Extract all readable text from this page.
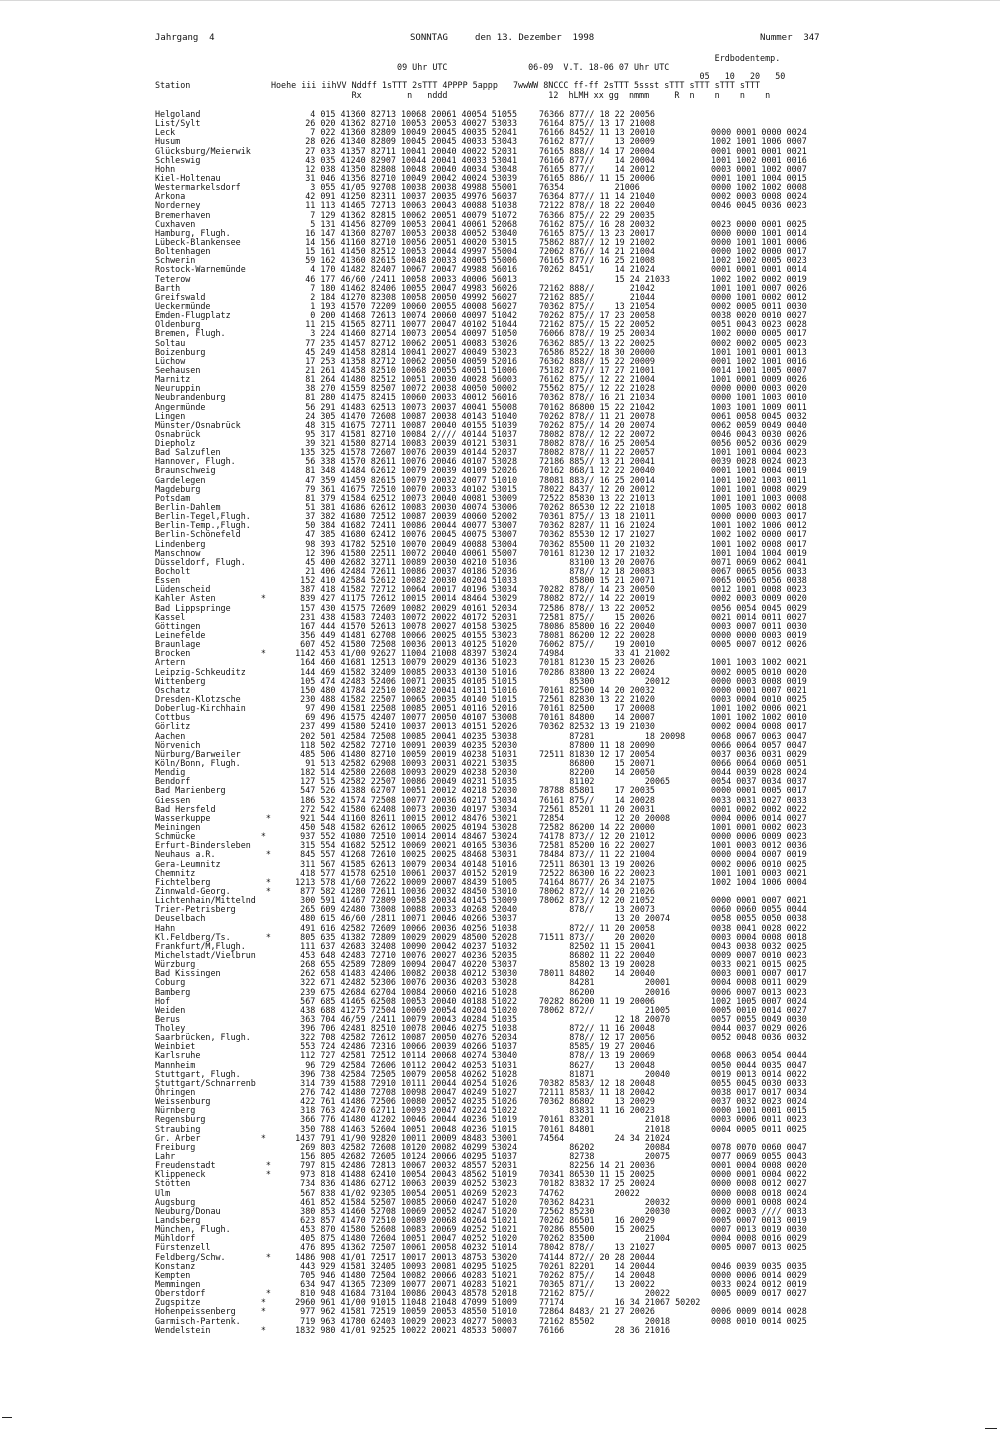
Jahrgang  4	SONNTAG     den 13. Dezember  1998	Nummer  347
Erdbodentemp.
09 Uhr UTC                06-09  V.T. 18-06 07 Uhr UTC
05   10   20   50
Station                Hoehe iii iihVV Nddff 1sTTT 2sTTT 4PPPP 5appp   7wwWW 8NCCC ff-ff 2sTTT 5ssst sTTT sTTT sTTT sTTT
Rx         n   nddd                    12  hLMH xx gg  nmmm     R  n    n    n    n
Helgoland	4 015 41360 82713 10068 20061 40054 51055	76366 877// 18 22 20056
List/Sylt	26 020 41362 82710 10053 20053 40027 53033	76164 875// 13 17 21008
Leck	7 022 41360 82809 10049 20045 40035 52041	76166 8452/ 11 13 20010	0000 0001 0000 0024
Husum	28 026 41340 82809 10045 20045 40033 53043	76162 877//    13 20009	1002 1001 1006 0007
Glücksburg/Meierwik	27 033 41357 82711 10041 20040 40022 52031	76165 888// 14 17 20004	0001 0001 0001 0021
Schleswig	43 035 41240 82907 10044 20041 40033 53041	76166 877//    14 20004	1001 1002 0001 0016
Hohn	12 038 41350 82808 10048 20040 40034 53048	76165 877//    14 20012	0003 0001 1002 0007
Kiel-Holtenau	31 046 41356 82710 10049 20042 40024 53039	76165 886// 11 15 20006	0001 1001 1004 0015
Westermarkelsdorf	3 055 41/05 92708 10038 20038 49988 55001	76354          21006	0000 1002 1002 0008
Arkona	42 091 41250 82311 10037 20035 49976 56037	76364 877// 11 14 21040	0002 0003 0008 0024
Norderney	11 113 41465 72713 10063 20043 40088 51038	72122 878// 18 22 20040	0046 0045 0036 0023
Bremerhaven	7 129 41362 82815 10062 20051 40079 51072	76366 875// 22 29 20035
Cuxhaven	5 131 41456 82709 10053 20041 40061 52068	76162 875// 16 28 20032	0023 0000 0001 0025
Hamburg, Flugh.	16 147 41360 82707 10053 20038 40052 53040	76165 875// 13 23 20017	0000 0000 1001 0014
Lübeck-Blankensee	14 156 41160 82710 10056 20051 40020 53015	75862 887// 12 19 21002	0000 1001 1001 0006
Boltenhagen	15 161 41450 82512 10053 20044 49997 55004	72062 876// 14 21 21004	0000 1002 0000 0017
Schwerin	59 162 41360 82615 10048 20033 40005 55006	76165 877// 16 25 21008	1002 1002 0005 0023
Rostock-Warnemünde	4 170 41482 82407 10067 20047 49988 56016	70262 8451/    14 21024	0001 0001 0001 0014
Teterow	46 177 46/60 /2411 10058 20033 40006 56013	15 24 21033	1002 1002 0002 0019
Barth	7 180 41462 82406 10055 20047 49983 56026	72162 888//       21042	1001 1001 0007 0026
Greifswald	2 184 41270 82308 10058 20050 49992 56027	72162 885//       21044	0000 1001 0002 0012
Ueckermünde	1 193 41570 72209 10060 20055 40008 56027	70362 875//    13 21054	0002 0005 0011 0030
Emden-Flugplatz	0 200 41468 72613 10074 20060 40097 51042	70262 875// 17 23 20058	0038 0020 0010 0027
Oldenburg	11 215 41565 82711 10077 20047 40102 51044	72162 875// 15 22 20052	0051 0043 0023 0028
Bremen, Flugh.	3 224 41460 82714 10073 20054 40097 51050	76066 878// 19 25 20034	1002 0000 0005 0017
Soltau	77 235 41457 82712 10062 20051 40083 53026	76362 885// 13 22 20025	0002 0002 0005 0023
Boizenburg	45 249 41458 82814 10041 20027 40049 53023	76586 8522/ 18 30 20000	1001 1001 0001 0013
Lüchow	17 253 41358 82712 10062 20050 40059 52016	76362 888// 15 22 20009	0001 1002 1001 0016
Seehausen	21 261 41458 82510 10068 20055 40051 51006	75182 877// 17 27 21001	0014 1001 1005 0007
Marnitz	81 264 41480 82512 10051 20030 40028 56003	76162 875// 12 22 21004	1001 0001 0009 0026
Neuruppin	38 270 41559 82507 10072 20038 40050 50002	75562 875// 12 22 21028	0000 0000 0003 0020
Neubrandenburg	81 280 41475 82415 10060 20033 40012 56016	70362 878// 16 21 21034	0000 1001 1003 0010
Angermünde	56 291 41483 62513 10073 20037 40041 55008	70162 86800 15 22 21042	1003 1001 1009 0011
Lingen	24 305 41470 72608 10087 20038 40143 51040	70262 878// 11 21 20078	0061 0058 0045 0032
Münster/Osnabrück	48 315 41675 72711 10087 20040 40155 51039	70262 875// 14 20 20074	0062 0059 0049 0040
Osnabrück	95 317 41581 82710 10084 2//// 40144 51037	78082 878// 12 22 20072	0046 0043 0030 0026
Diepholz	39 321 41580 82714 10083 20039 40121 53031	78082 878// 16 25 20054	0056 0052 0036 0029
Bad Salzuflen	135 325 41578 72607 10076 20039 40144 52037	78082 878// 11 22 20057	1001 1001 0004 0023
Hannover, Flugh.	56 338 41570 82611 10076 20046 40107 53028	72186 885// 13 21 20041	0039 0028 0024 0023
Braunschweig	81 348 41484 62612 10079 20039 40109 52026	70162 868/1 12 22 20040	0001 1001 0004 0019
Gardelegen	47 359 41459 82615 10079 20032 40077 51010	78081 883// 16 25 20014	1001 1002 1003 0011
Magdeburg	79 361 41675 72510 10070 20033 40102 53015	78022 8437/ 12 20 20012	1001 1001 0008 0029
Potsdam	81 379 41584 62512 10073 20040 40081 53009	72522 85830 13 22 21013	1001 1001 1003 0008
Berlin-Dahlem	51 381 41686 62612 10083 20030 40074 53006	70262 86530 12 22 21018	1005 1003 0002 0018
Berlin-Tegel,Flugh.	37 382 41680 72512 10087 20039 40060 52002	70361 875// 13 18 21011	0000 0000 0003 0017
Berlin-Temp.,Flugh.	50 384 41682 72411 10086 20044 40077 53007	70362 8287/ 11 16 21024	1001 1002 1006 0012
Berlin-Schönefeld	47 385 41680 62412 10076 20045 40075 53007	70362 85530 12 17 21027	1002 1002 0000 0017
Lindenberg	98 393 41782 52510 10070 20049 40088 53004	70362 85500 11 20 21032	1001 1002 0008 0017
Manschnow	12 396 41580 22511 10072 20040 40061 55007	70161 81230 12 17 21032	1001 1004 1004 0019
Düsseldorf, Flugh.	45 400 42682 32711 10089 20030 40210 51036	83100 13 20 20076	0071 0069 0062 0041
Bocholt	21 406 42484 72611 10086 20037 40186 52036	878// 12 18 20083	0067 0065 0056 0033
Essen	152 410 42584 52612 10082 20030 40204 51033	85800 15 21 20071	0065 0065 0056 0038
Lüdenscheid	387 418 41582 72712 10064 20017 40196 53034	70282 878// 14 23 20050	0012 1001 0008 0023
Kahler Asten         *	839 427 41175 72612 10015 20014 48464 53029	78082 872// 14 22 20019	0002 0003 0009 0020
Bad Lippspringe	157 430 41575 72609 10082 20029 40161 52034	72586 878// 13 22 20052	0056 0054 0045 0029
Kassel	231 438 41583 72403 10072 20022 40172 52031	72581 875//    15 20026	0021 0014 0011 0027
Göttingen	167 444 41570 52613 10078 20027 40158 53025	78086 85800 16 22 20040	0003 0007 0011 0030
Leinefelde	356 449 41481 62708 10066 20025 40155 53023	78081 86200 12 22 20028	0000 0000 0003 0019
Braunlage	607 452 41580 72508 10036 20013 40125 51020	76062 875//    19 20010	0005 0007 0012 0026
Brocken              *	1142 453 41/00 92627 11004 21008 48397 53024	74984          33 41 21002
Artern	164 460 41681 12513 10079 20029 40136 51023	70181 81230 15 23 20026	1001 1003 1002 0021
Leipzig-Schkeuditz	144 469 41582 32409 10085 20033 40130 51016	70286 83800 13 22 20024	0002 0005 0010 0020
Wittenberg	105 474 42483 52406 10071 20035 40105 51015	85300          20012	0000 0003 0008 0019
Oschatz	150 480 41784 22510 10082 20041 40131 51016	70161 82500 14 20 20032	0000 0001 0007 0021
Dresden-Klotzsche	230 488 41582 22507 10065 20035 40140 51015	72561 82830 13 22 21020	0003 0004 0010 0025
Doberlug-Kirchhain	97 490 41581 22508 10085 20051 40116 52016	70161 82500    17 20008	1001 1002 0006 0021
Cottbus	69 496 41575 42407 10077 20050 40107 53008	70161 84800    14 20007	1001 1002 1002 0010
Görlitz	237 499 41580 52410 10037 20013 40151 52026	70362 82532 13 19 21030	0002 0004 0008 0017
Aachen	202 501 42584 72508 10085 20041 40235 53038	87281          18 20098	0068 0067 0063 0047
Nörvenich	118 502 42582 72710 10091 20039 40235 52030	87800 11 18 20090	0066 0064 0057 0047
Nürburg/Barweiler	485 506 41480 82710 10059 20019 40238 51031	72511 81830 12 17 20054	0037 0036 0031 0029
Köln/Bonn, Flugh.	91 513 42582 62908 10093 20031 40221 53035	86800    15 20071	0066 0064 0060 0051
Mendig	182 514 42580 22608 10093 20029 40238 52030	82200    14 20050	0044 0039 0028 0024
Bendorf	127 515 42582 22507 10086 20049 40231 51035	81102          20065	0054 0037 0034 0037
Bad Marienberg	547 526 41388 62707 10051 20012 40218 52030	78788 85801    17 20035	0000 0001 0005 0017
Giessen	186 532 41574 72508 10077 20036 40217 53034	76161 875//    14 20028	0033 0031 0027 0033
Bad Hersfeld	272 542 41580 62408 10073 20030 40197 53034	72561 85201 11 20 20031	0001 0002 0002 0022
Wasserkuppe           *	921 544 41160 82611 10015 20012 48476 53021	72854          12 20 20008	0004 0006 0014 0027
Meiningen	450 548 41582 62612 10065 20025 40194 53028	72582 86200 14 22 20000	1001 0001 0002 0023
Schmücke             *	937 552 41080 72510 10014 20014 48467 53024	74178 873// 12 20 21012	0000 0006 0009 0023
Erfurt-Bindersleben	315 554 41682 52512 10069 20021 40165 53036	72581 85200 16 22 20027	1001 0003 0012 0036
Neuhaus a.R.          *	845 557 41268 72610 10025 20025 48468 53031	78484 873// 11 22 21004	0000 0004 0007 0019
Gera-Leumnitz	311 567 41585 62613 10079 20034 40148 51016	72511 86301 13 19 20026	0002 0006 0010 0025
Chemnitz	418 577 41578 62510 10061 20037 40152 52019	72522 86300 16 22 20023	1001 1001 0003 0021
Fichtelberg           *	1213 578 41/60 72622 10009 20007 48439 51005	74164 8677/ 26 34 21075	1002 1004 1006 0004
Zinnwald-Georg.       *	877 582 41280 72611 10036 20032 48450 53010	78062 872// 14 20 21026
Lichtenhain/Mittelnd	300 591 41467 72809 10058 20034 40145 53009	78062 873// 12 20 21052	0000 0001 0007 0021
Trier-Petrisberg	265 609 42480 73008 10088 20033 40268 52040	878//    13 20073	0060 0060 0055 0044
Deuselbach	480 615 46/60 /2811 10071 20046 40266 53037	13 20 20074	0058 0055 0050 0038
Hahn	491 616 42582 72609 10066 20036 40256 51038	872// 11 20 20058	0038 0041 0028 0022
Kl.Feldberg/Ts.       *	805 635 41382 72809 10029 20029 48500 52028	71511 873//    20 20020	0003 0004 0008 0018
Frankfurt/M,Flugh.	111 637 42683 32408 10090 20042 40237 51032	82502 11 15 20041	0043 0038 0032 0025
Michelstadt/Vielbrun	453 648 42483 72710 10076 20027 40236 52035	86802 11 22 20040	0009 0007 0010 0023
Würzburg	268 655 42589 72809 10094 20047 40220 53037	85802 13 19 20028	0033 0021 0015 0025
Bad Kissingen	262 658 41483 42406 10082 20038 40212 53030	78011 84802    14 20040	0003 0001 0007 0017
Coburg	322 671 42482 52306 10076 20036 40203 53028	84281          20001	0004 0008 0011 0029
Bamberg	239 675 42684 62704 10084 20060 40216 51028	86200          20016	0006 0007 0013 0023
Hof	567 685 41465 62508 10053 20040 40188 51022	70282 86200 11 19 20006	1002 1005 0007 0024
Weiden	438 688 41275 72504 10069 20054 40204 51020	78062 872//          21005	0005 0010 0014 0027
Berus	363 704 46/59 /2411 10079 20043 40284 51035	12 18 20070	0057 0055 0049 0030
Tholey	396 706 42481 82510 10078 20046 40275 51038	872// 11 16 20048	0044 0037 0029 0026
Saarbrücken, Flugh.	322 708 42582 72612 10087 20050 40276 52034	878// 12 17 20056	0052 0048 0036 0032
Weinbiet	553 724 42486 72316 10066 20039 40266 51037	8585/ 19 27 20046
Karlsruhe	112 727 42581 72512 10114 20068 40274 53040	878// 13 19 20069	0068 0063 0054 0044
Mannheim	96 729 42584 72606 10112 20042 40253 51031	8627/    13 20048	0050 0044 0035 0047
Stuttgart, Flugh.	396 738 42584 72505 10079 20058 40262 51028	81871          20040	0019 0013 0014 0022
Stuttgart/Schnarrenb	314 739 41588 72910 10111 20044 40254 51026	70382 8583/ 12 18 20048	0055 0045 0030 0033
Öhringen	276 742 41480 72708 10098 20047 40249 51027	72111 8583/ 11 18 20042	0038 0017 0017 0034
Weissenburg	422 761 41486 72506 10080 20052 40235 51026	70362 86802    13 20029	0037 0032 0023 0024
Nürnberg	318 763 42470 62711 10093 20047 40224 51022	83831 11 16 20023	0000 1001 0001 0015
Regensburg	366 776 41480 41202 10046 20044 40236 51019	70161 83201          21018	0003 0006 0011 0023
Straubing	350 788 41463 52604 10051 20048 40236 51015	70161 84801          21018	0004 0005 0011 0025
Gr. Arber            *	1437 791 41/90 92820 10011 20009 48483 53001	74564          24 34 21024
Freiburg	269 803 42582 72608 10120 20082 40299 53024	86202          20084	0078 0070 0060 0047
Lahr	156 805 42682 72605 10124 20066 40295 51037	82738          20075	0077 0069 0055 0043
Freudenstadt          *	797 815 42486 72813 10067 20032 48557 52031	82256 14 21 20036	0001 0004 0008 0020
Klippeneck            *	973 818 41488 62410 10054 20043 48562 51019	70341 86530 11 15 20025	0000 0001 0004 0022
Stötten	734 836 41486 62712 10063 20039 40252 53023	70182 83832 17 25 20024	0000 0008 0012 0027
Ulm	567 838 41/02 92305 10054 20051 40269 52023	74762          20022	0000 0008 0018 0024
Augsburg	461 852 41584 52507 10085 20060 40247 51020	70362 84231          20032	0000 0001 0008 0024
Neuburg/Donau	380 853 41460 52708 10069 20052 40247 51020	72562 85230          20030	0002 0003 //// 0033
Landsberg	623 857 41470 72510 10089 20068 40264 51021	70262 86501    16 20029	0005 0007 0013 0019
München, Flugh.	453 870 41580 52608 10083 20069 40252 51021	70286 85500    15 20025	0007 0013 0019 0030
Mühldorf	405 875 41480 72604 10051 20047 40252 51020	70262 83500          21004	0004 0008 0016 0029
Fürstenzell	476 895 41362 72507 10061 20058 40232 51014	78042 878//    13 21027	0005 0007 0013 0025
Feldberg/Schw.        *	1486 908 41/01 72517 10017 20013 48753 53020	74144 872// 20 28 20044
Konstanz	443 929 41581 32405 10093 20081 40295 51025	70261 82201    14 20044	0046 0039 0035 0035
Kempten	705 946 41480 72504 10082 20066 40283 51021	70262 875//    14 20048	0000 0006 0014 0029
Memmingen	634 947 41365 72309 10077 20071 40283 51021	70365 871//    13 20022	0033 0024 0012 0019
Oberstdorf            *	810 948 41684 73104 10086 20043 48578 52018	72162 875//          20022	0005 0009 0017 0027
Zugspitze            *	2960 961 41/00 91015 11048 21048 47099 51009	77174          16 34 21067 50202
Hohenpeissenberg     *	977 962 41581 72519 10059 20053 48550 51010	72864 8483/ 21 27 20026	0006 0009 0014 0028
Garmisch-Partenk.	719 963 41780 62403 10029 20023 40277 50003	72162 85502          20018	0008 0010 0014 0025
Wendelstein          *	1832 980 41/01 92525 10022 20021 48533 50007	76166          28 36 21016
